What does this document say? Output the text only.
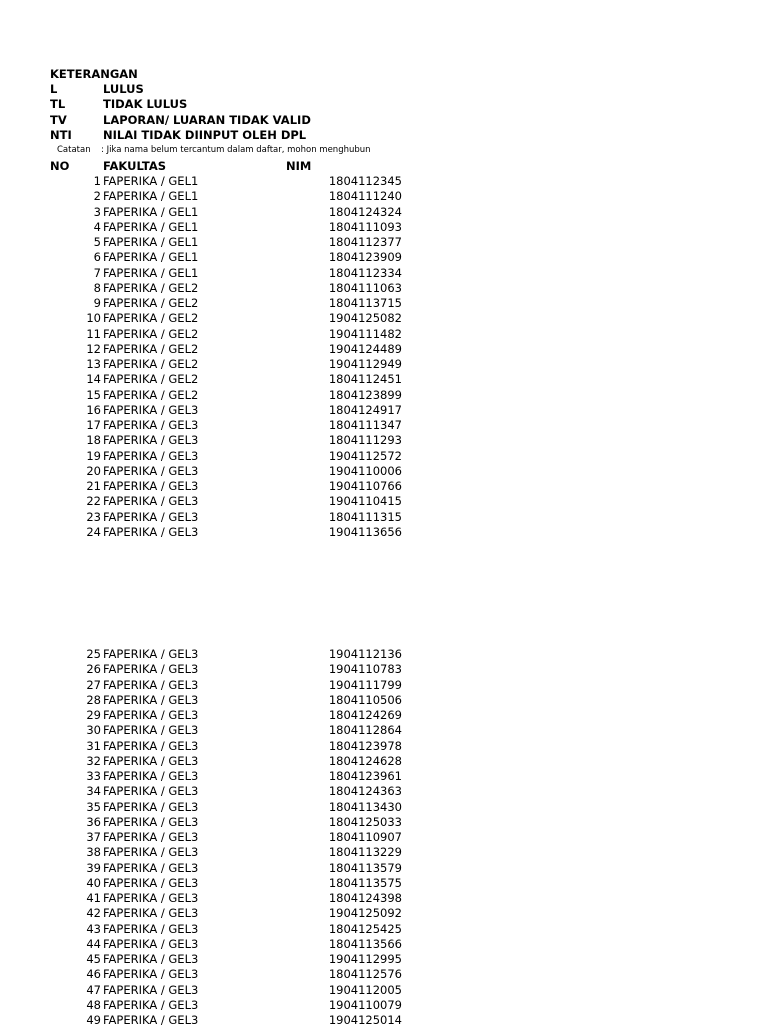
KETERANGAN
L	LULUS
TL	TIDAK LULUS
TV	LAPORAN/ LUARAN TIDAK VALID
NTI	NILAI TIDAK DIINPUT OLEH DPL
Catatan : Jika nama belum tercantum dalam daftar, mohon menghubun
NO	FAKULTAS	NIM
1 FAPERIKA / GEL1	1804112345
2 FAPERIKA / GEL1	1804111240
3 FAPERIKA / GEL1	1804124324
4 FAPERIKA / GEL1	1804111093
5 FAPERIKA / GEL1	1804112377
6 FAPERIKA / GEL1	1804123909
7 FAPERIKA / GEL1	1804112334
8 FAPERIKA / GEL2	1804111063
9 FAPERIKA / GEL2	1804113715
10 FAPERIKA / GEL2	1904125082
11 FAPERIKA / GEL2	1904111482
12 FAPERIKA / GEL2	1904124489
13 FAPERIKA / GEL2	1904112949
14 FAPERIKA / GEL2	1804112451
15 FAPERIKA / GEL2	1804123899
16 FAPERIKA / GEL3	1804124917
17 FAPERIKA / GEL3	1804111347
18 FAPERIKA / GEL3	1804111293
19 FAPERIKA / GEL3	1904112572
20 FAPERIKA / GEL3	1904110006
21 FAPERIKA / GEL3	1904110766
22 FAPERIKA / GEL3	1904110415
23 FAPERIKA / GEL3	1804111315
24 FAPERIKA / GEL3	1904113656
25 FAPERIKA / GEL3	1904112136
26 FAPERIKA / GEL3	1904110783
27 FAPERIKA / GEL3	1904111799
28 FAPERIKA / GEL3	1804110506
29 FAPERIKA / GEL3	1804124269
30 FAPERIKA / GEL3	1804112864
31 FAPERIKA / GEL3	1804123978
32 FAPERIKA / GEL3	1804124628
33 FAPERIKA / GEL3	1804123961
34 FAPERIKA / GEL3	1804124363
35 FAPERIKA / GEL3	1804113430
36 FAPERIKA / GEL3	1804125033
37 FAPERIKA / GEL3	1804110907
38 FAPERIKA / GEL3	1804113229
39 FAPERIKA / GEL3	1804113579
40 FAPERIKA / GEL3	1804113575
41 FAPERIKA / GEL3	1804124398
42 FAPERIKA / GEL3	1904125092
43 FAPERIKA / GEL3	1804125425
44 FAPERIKA / GEL3	1804113566
45 FAPERIKA / GEL3	1904112995
46 FAPERIKA / GEL3	1804112576
47 FAPERIKA / GEL3	1904112005
48 FAPERIKA / GEL3	1904110079
49 FAPERIKA / GEL3	1904125014
